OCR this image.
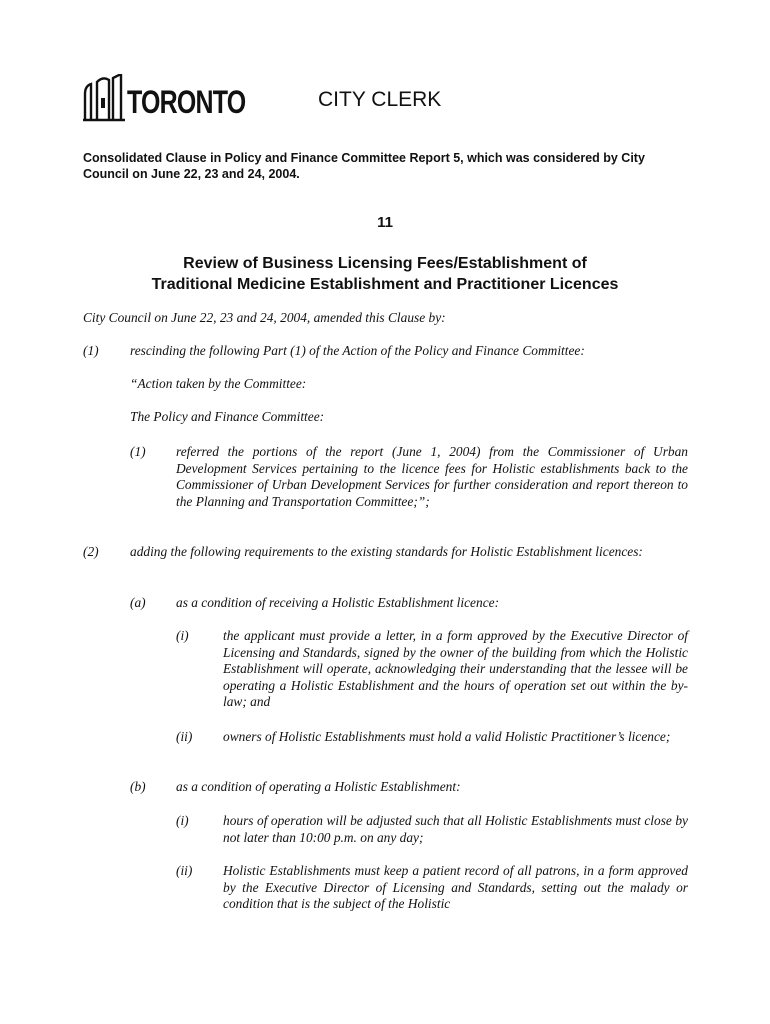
TORONTO	CITY CLERK
Consolidated Clause in Policy and Finance Committee Report 5, which was considered by City Council on June 22, 23 and 24, 2004.
11
Review of Business Licensing Fees/Establishment of
Traditional Medicine Establishment and Practitioner Licences
City Council on June 22, 23 and 24, 2004, amended this Clause by:
(1) rescinding the following Part (1) of the Action of the Policy and Finance Committee:
“Action taken by the Committee:
The Policy and Finance Committee:
(1) referred the portions of the report (June 1, 2004) from the Commissioner of Urban Development Services pertaining to the licence fees for Holistic establishments back to the Commissioner of Urban Development Services for further consideration and report thereon to the Planning and Transportation Committee;”;
(2) adding the following requirements to the existing standards for Holistic Establishment licences:
(a) as a condition of receiving a Holistic Establishment licence:
(i)	the applicant must provide a letter, in a form approved by the Executive Director of Licensing and Standards, signed by the owner of the building from which the Holistic Establishment will operate, acknowledging their understanding that the lessee will be operating a Holistic Establishment and the hours of operation set out within the by-law; and
(ii) owners of Holistic Establishments must hold a valid Holistic Practitioner’s licence;
(b) as a condition of operating a Holistic Establishment:
(i)	hours of operation will be adjusted such that all Holistic Establishments must close by not later than 10:00 p.m. on any day;
(ii) Holistic Establishments must keep a patient record of all patrons, in a form approved by the Executive Director of Licensing and Standards, setting out the malady or condition that is the subject of the Holistic
